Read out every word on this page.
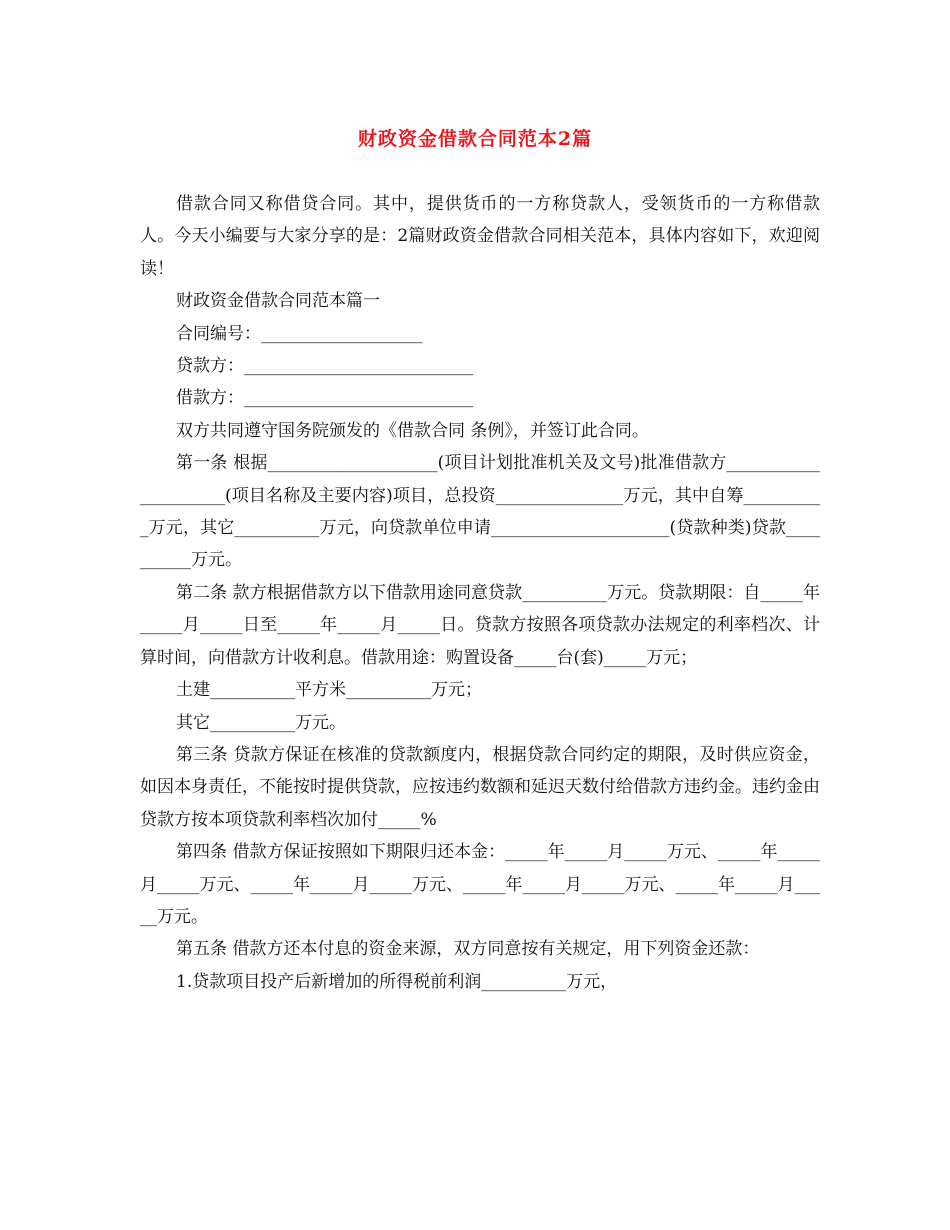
财政资金借款合同范本2篇

借款合同又称借贷合同。其中，提供货币的一方称贷款人，受领货币的一方称借款人。今天小编要与大家分享的是：2篇财政资金借款合同相关范本，具体内容如下，欢迎阅读！

财政资金借款合同范本篇一

合同编号：___________________

贷款方：___________________________

借款方：___________________________

双方共同遵守国务院颁发的《借款合同 条例》，并签订此合同。

第一条 根据____________________(项目计划批准机关及文号)批准借款方_____________________(项目名称及主要内容)项目，总投资_______________万元，其中自筹__________万元，其它__________万元，向贷款单位申请_____________________(贷款种类)贷款__________万元。

第二条 款方根据借款方以下借款用途同意贷款__________万元。贷款期限：自_____年_____月_____日至_____年_____月_____日。贷款方按照各项贷款办法规定的利率档次、计算时间，向借款方计收利息。借款用途：购置设备_____台(套)_____万元；

土建__________平方米__________万元；

其它__________万元。

第三条 贷款方保证在核准的贷款额度内，根据贷款合同约定的期限，及时供应资金，如因本身责任，不能按时提供贷款，应按违约数额和延迟天数付给借款方违约金。违约金由贷款方按本项贷款利率档次加付_____%

第四条 借款方保证按照如下期限归还本金：_____年_____月_____万元、_____年_____月_____万元、_____年_____月_____万元、_____年_____月_____万元、_____年_____月_____万元。

第五条 借款方还本付息的资金来源，双方同意按有关规定，用下列资金还款：

1.贷款项目投产后新增加的所得税前利润__________万元，
